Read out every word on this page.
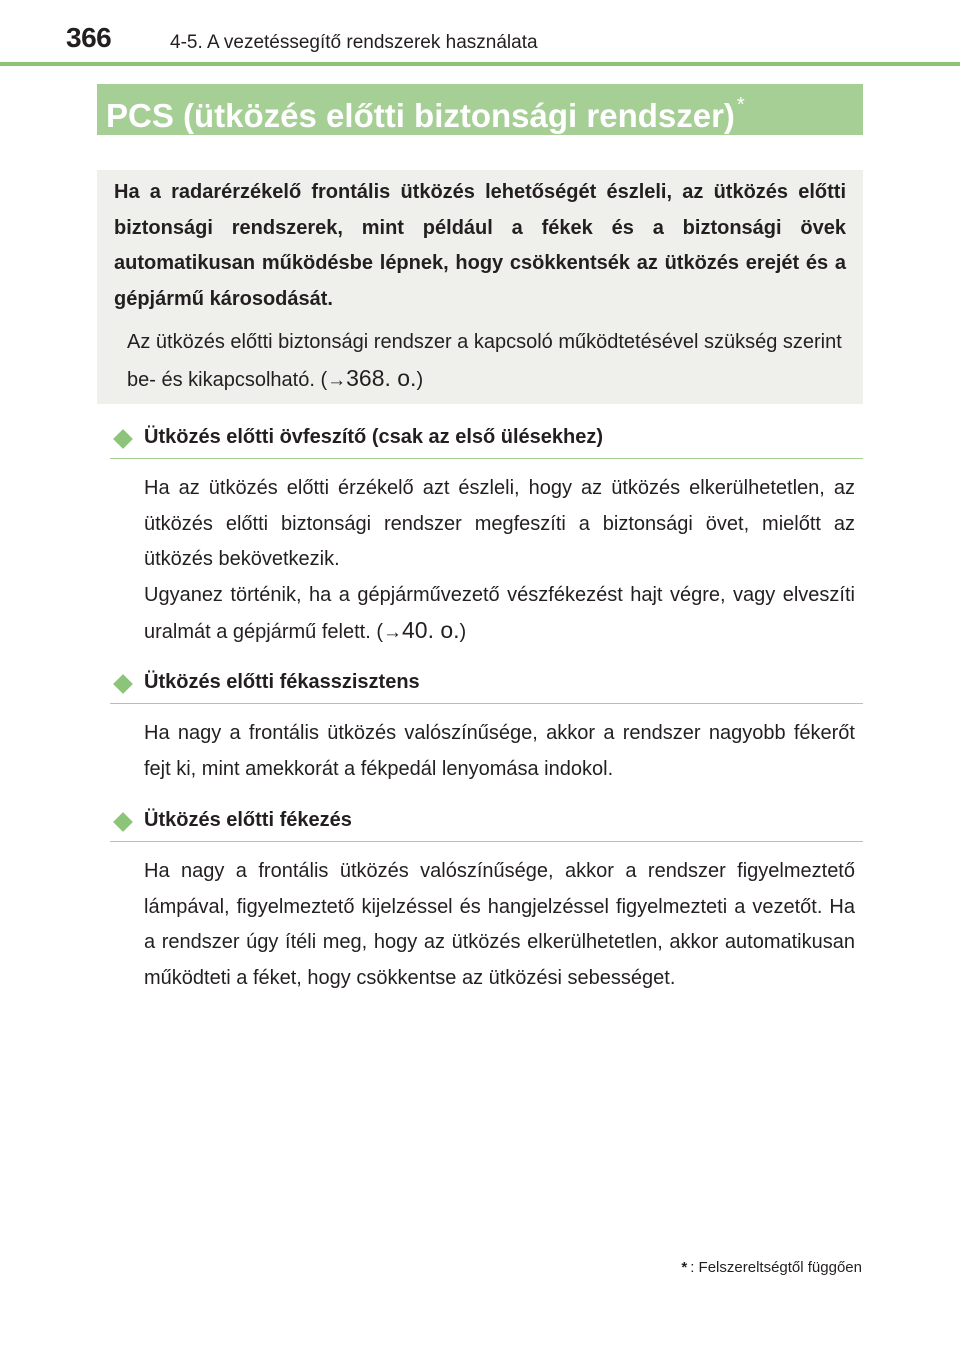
366	4-5. A vezetéssegítő rendszerek használata
PCS (ütközés előtti biztonsági rendszer) *
Ha a radarérzékelő frontális ütközés lehetőségét észleli, az ütközés előtti biztonsági rendszerek, mint például a fékek és a biztonsági övek automatikusan működésbe lépnek, hogy csökkentsék az ütközés erejét és a gépjármű károsodását.
Az ütközés előtti biztonsági rendszer a kapcsoló működtetésével szükség szerint be- és kikapcsolható. (→368. o.)
Ütközés előtti övfeszítő (csak az első ülésekhez)

Ha az ütközés előtti érzékelő azt észleli, hogy az ütközés elkerülhetetlen, az ütközés előtti biztonsági rendszer megfeszíti a biztonsági övet, mielőtt az ütközés bekövetkezik.

Ugyanez történik, ha a gépjárművezető vészfékezést hajt végre, vagy elveszíti uralmát a gépjármű felett. (→40. o.)

Ütközés előtti fékasszisztens

Ha nagy a frontális ütközés valószínűsége, akkor a rendszer nagyobb fékerőt fejt ki, mint amekkorát a fékpedál lenyomása indokol.

Ütközés előtti fékezés

Ha nagy a frontális ütközés valószínűsége, akkor a rendszer figyelmeztető lámpával, figyelmeztető kijelzéssel és hangjelzéssel figyelmezteti a vezetőt. Ha a rendszer úgy ítéli meg, hogy az ütközés elkerülhetetlen, akkor automatikusan működteti a féket, hogy csökkentse az ütközési sebességet.

* : Felszereltségtől függően
